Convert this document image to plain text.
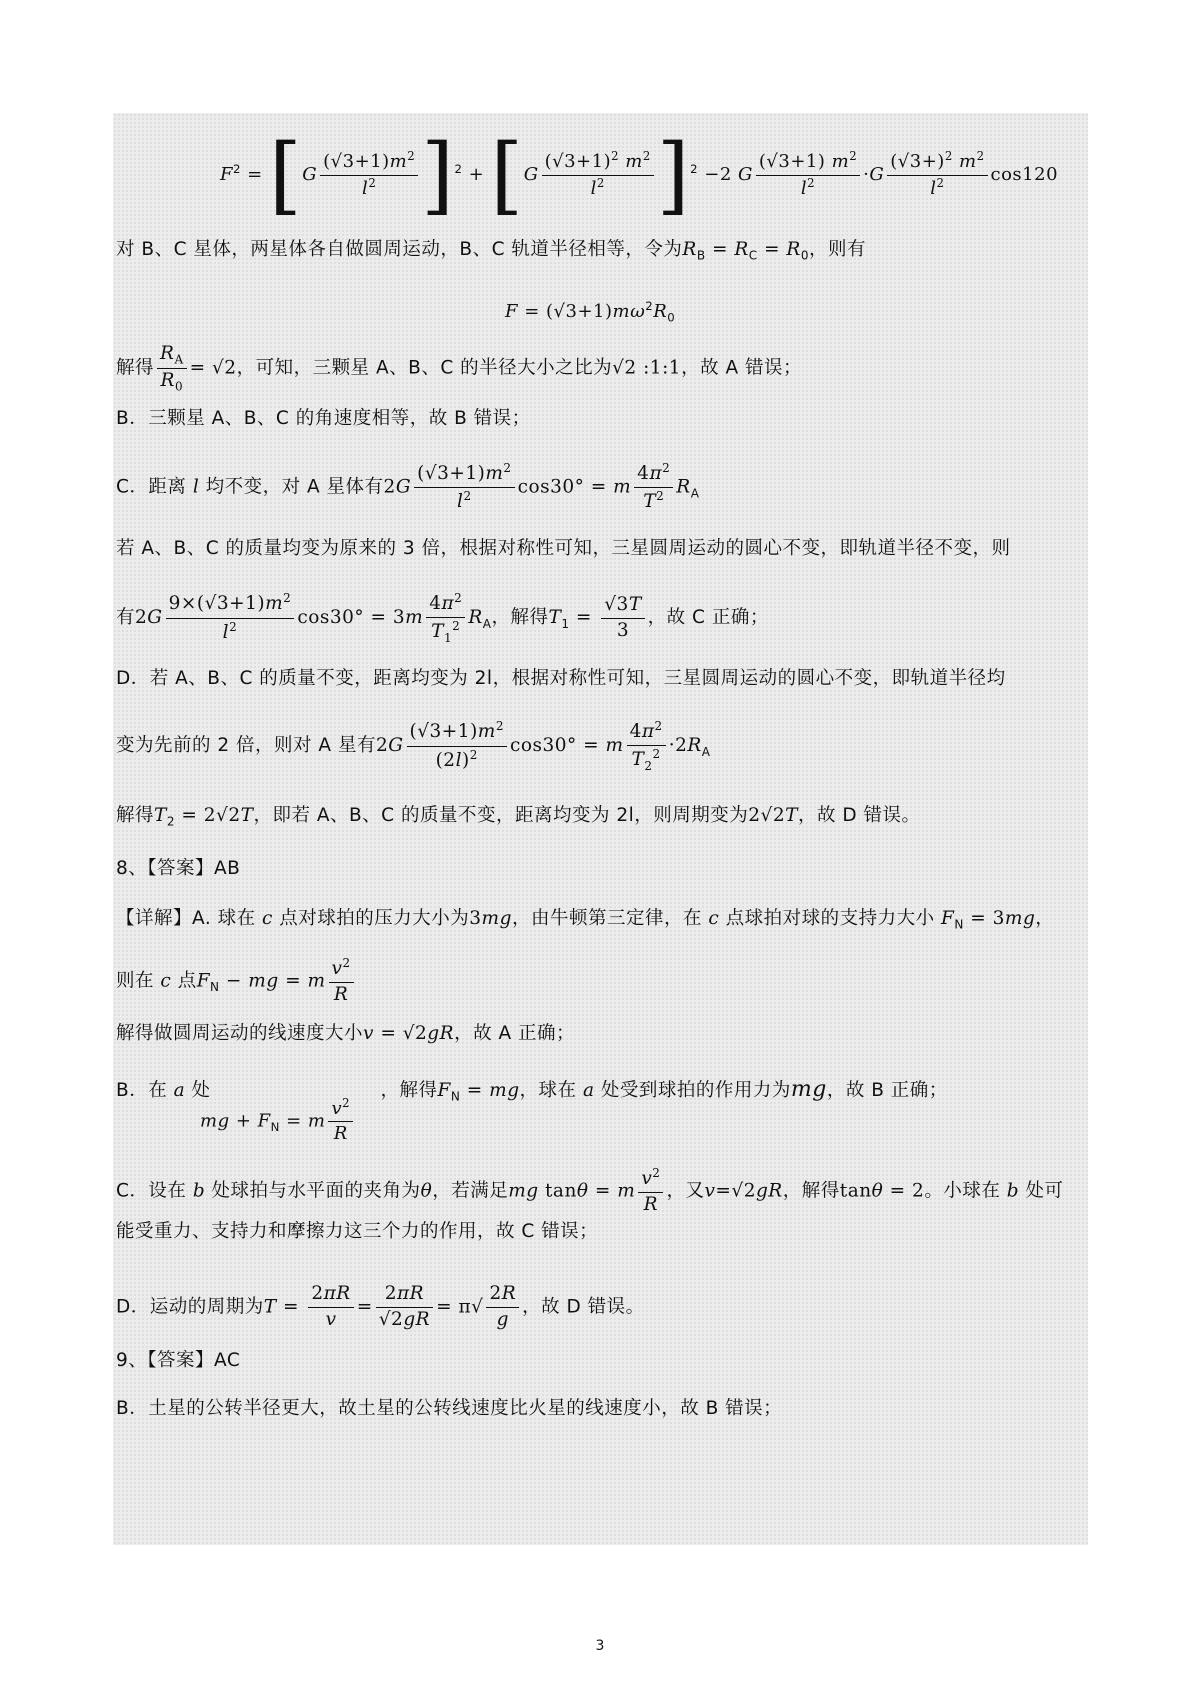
$F^2 = [G \frac{(√3+1)m^2}{l^2} ]^2 + [G \frac{(√3+1)^2 m^2}{l^2} ]^2 -2$ G $\frac{(√3+1) m^2}{l^2} \cdot G \frac{(√3+)^2 m^2}{l^2} \cos 120$
对 B、C 星体，两星体各自做圆周运动，B、C 轨道半径相等，令为$R_B = R_C = R_0$，则有
$F = (√3+1)m\omega^2R_0$
解得 $\frac{R_A}{R_0} = √2$，可知，三颗星 A、B、C 的半径大小之比为√2 :1:1，故 A 错误；
B．三颗星 A、B、C 的角速度相等，故 B 错误；
C．距离 l 均不变，对 A 星体有$2G \frac{(√3+1)m^2}{l^2} \cos 30^\circ = m \frac{4\pi^2}{T^2} R_A$
若 A、B、C 的质量均变为原来的 3 倍，根据对称性可知，三星圆周运动的圆心不变，即轨道半径不变，则
有$2G \frac{9\times(√3+1)m^2}{l^2} \cos 30^\circ = 3m \frac{4\pi^2}{T_1^2} R_A$，解得$T_1 = \frac{√3T}{3}$ ，故 C 正确；
D．若 A、B、C 的质量不变，距离均变为 2l，根据对称性可知，三星圆周运动的圆心不变，即轨道半径均
变为先前的 2 倍，则对 A 星有$2G \frac{(√3+1)m^2}{(2l)^2} \cos 30^\circ = m \frac{4\pi^2}{T_2^2} \cdot 2R_A$
解得$T_2 = 2√2T$，即若 A、B、C 的质量不变，距离均变为 2l，则周期变为2√2T，故 D 错误。
8、【答案】AB
【详解】A. 球在 c 点对球拍的压力大小为3mg，由牛顿第三定律，在 c 点球拍对球的支持力大小 $F_N = 3mg$，
则在 c 点$F_N$ − mg = m $\frac{v^2}{R}$
解得做圆周运动的线速度大小v = √2gR，故 A 正确；
B．在 a 处	，解得$F_N$ = mg，球在 a 处受到球拍的作用力为mg，故 B 正确；
mg + $F_N = m \frac{v^2}{R}$
C．设在 b 处球拍与水平面的夹角为θ，若满足mg tanθ = m $\frac{v^2}{R}$ ，又v=√2gR，解得tanθ = 2。小球在 b 处可
能受重力、支持力和摩擦力这三个力的作用，故 C 错误；
D．运动的周期为$T = \frac{2\pi R}{v} = \frac{2\pi R}{√2gR} = \pi√ \frac{2R}{g}$ ，故 D 错误。
9、【答案】AC
B．土星的公转半径更大，故土星的公转线速度比火星的线速度小，故 B 错误；
3
